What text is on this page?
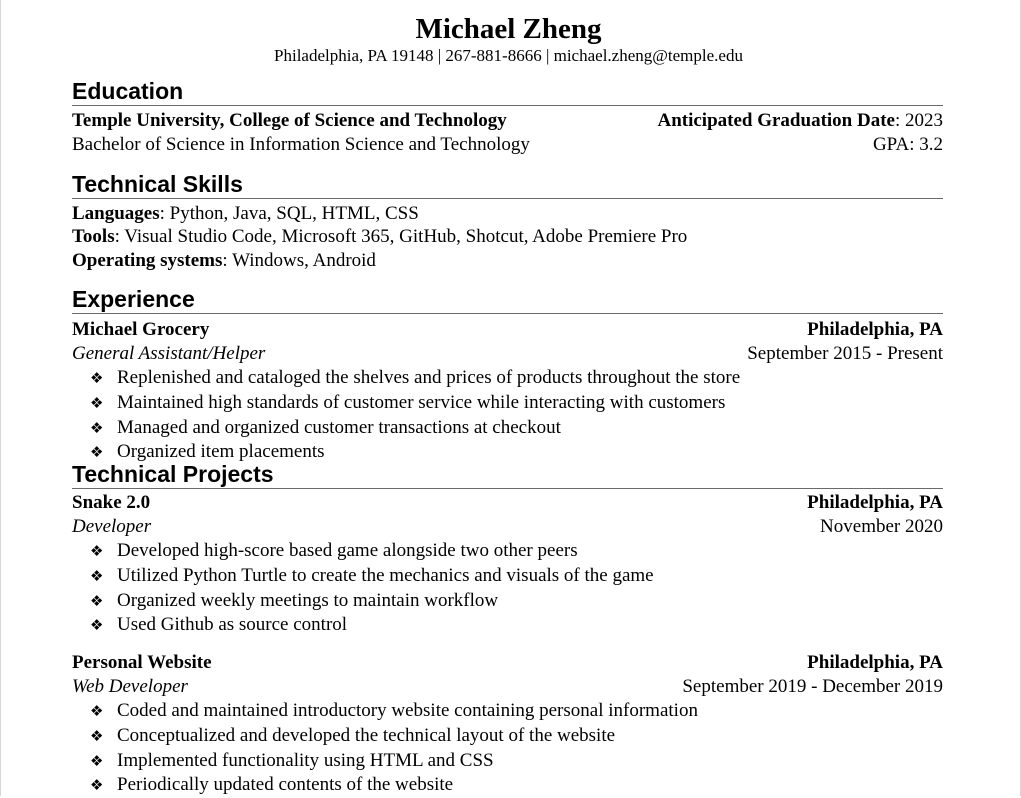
Michael Zheng
Philadelphia, PA 19148 | 267-881-8666 | michael.zheng@temple.edu
Education
Temple University, College of Science and Technology	Anticipated Graduation Date: 2023
Bachelor of Science in Information Science and Technology	GPA: 3.2
Technical Skills
Languages: Python, Java, SQL, HTML, CSS
Tools: Visual Studio Code, Microsoft 365, GitHub, Shotcut, Adobe Premiere Pro
Operating systems: Windows, Android
Experience
Michael Grocery	Philadelphia, PA
General Assistant/Helper	September 2015 - Present
❖ Replenished and cataloged the shelves and prices of products throughout the store
❖ Maintained high standards of customer service while interacting with customers
❖ Managed and organized customer transactions at checkout
❖ Organized item placements
Technical Projects
Snake 2.0	Philadelphia, PA
Developer	November 2020
❖ Developed high-score based game alongside two other peers
❖ Utilized Python Turtle to create the mechanics and visuals of the game
❖ Organized weekly meetings to maintain workflow
❖ Used Github as source control
Personal Website	Philadelphia, PA
Web Developer	September 2019 - December 2019
❖ Coded and maintained introductory website containing personal information
❖ Conceptualized and developed the technical layout of the website
❖ Implemented functionality using HTML and CSS
❖ Periodically updated contents of the website
